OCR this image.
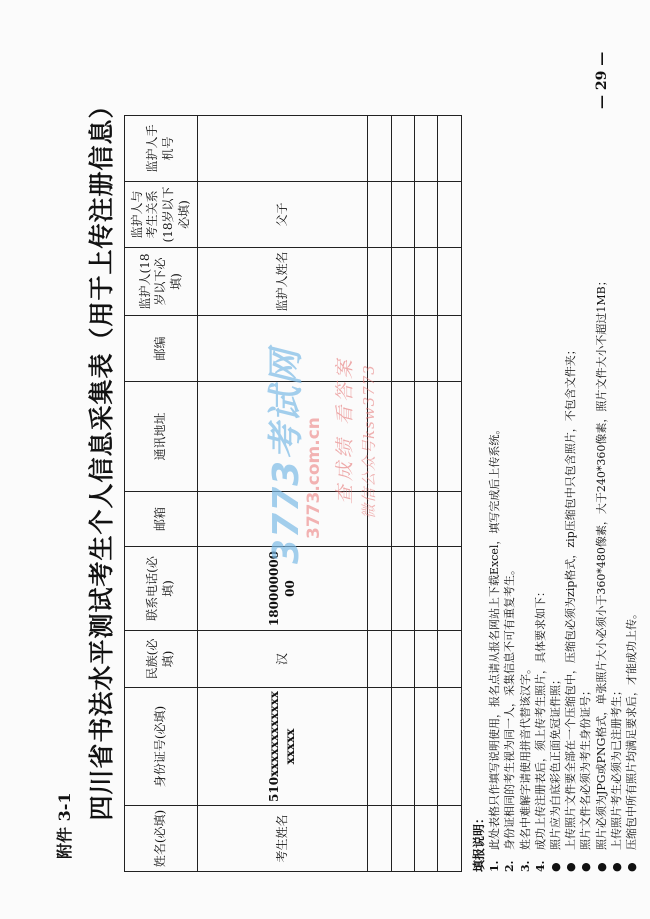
附件 3-1
四川省书法水平测试考生个人信息采集表（用于上传注册信息）
姓名(必填)	身份证号(必填)	民族(必填)	联系电话(必填)	邮箱	通讯地址	邮编	监护人(18岁以下必填)	监护人与考生关系(18岁以下必填)	监护人手机号
考生姓名	510xxxxxxxxxxxxxxxxx	汉	18000000000				监护人姓名	父子	

填报说明： 1.
此处表格只作填写说明使用，报名点请从报名网站上下载Excel，填写完成后上传系统。
2.
身份证相同的考生视为同一人，采集信息不可有重复考生。
3.
姓名中难解字请使用拼音代替该汉字。
4.
成功上传注册表后，须上传考生照片，具体要求如下：
●
照片应为白底彩色正面免冠证件照；
●
上传照片文件要全部在一个压缩包中，压缩包必须为zip格式，zip压缩包中只包含照片，不包含文件夹；
●
照片文件名必须为考生身份证号；
●
照片必须为JPG或PNG格式，单张照片大小必须小于360*480像素，大于240*360像素，照片文件大小不超过1MB；
●
上传照片考生必须为已注册考生；
●
压缩包中所有照片均满足要求后，才能成功上传。
— 29 —
3773考试网
3773.com.cn 查成绩 看答案 微信公众号ksw3773
